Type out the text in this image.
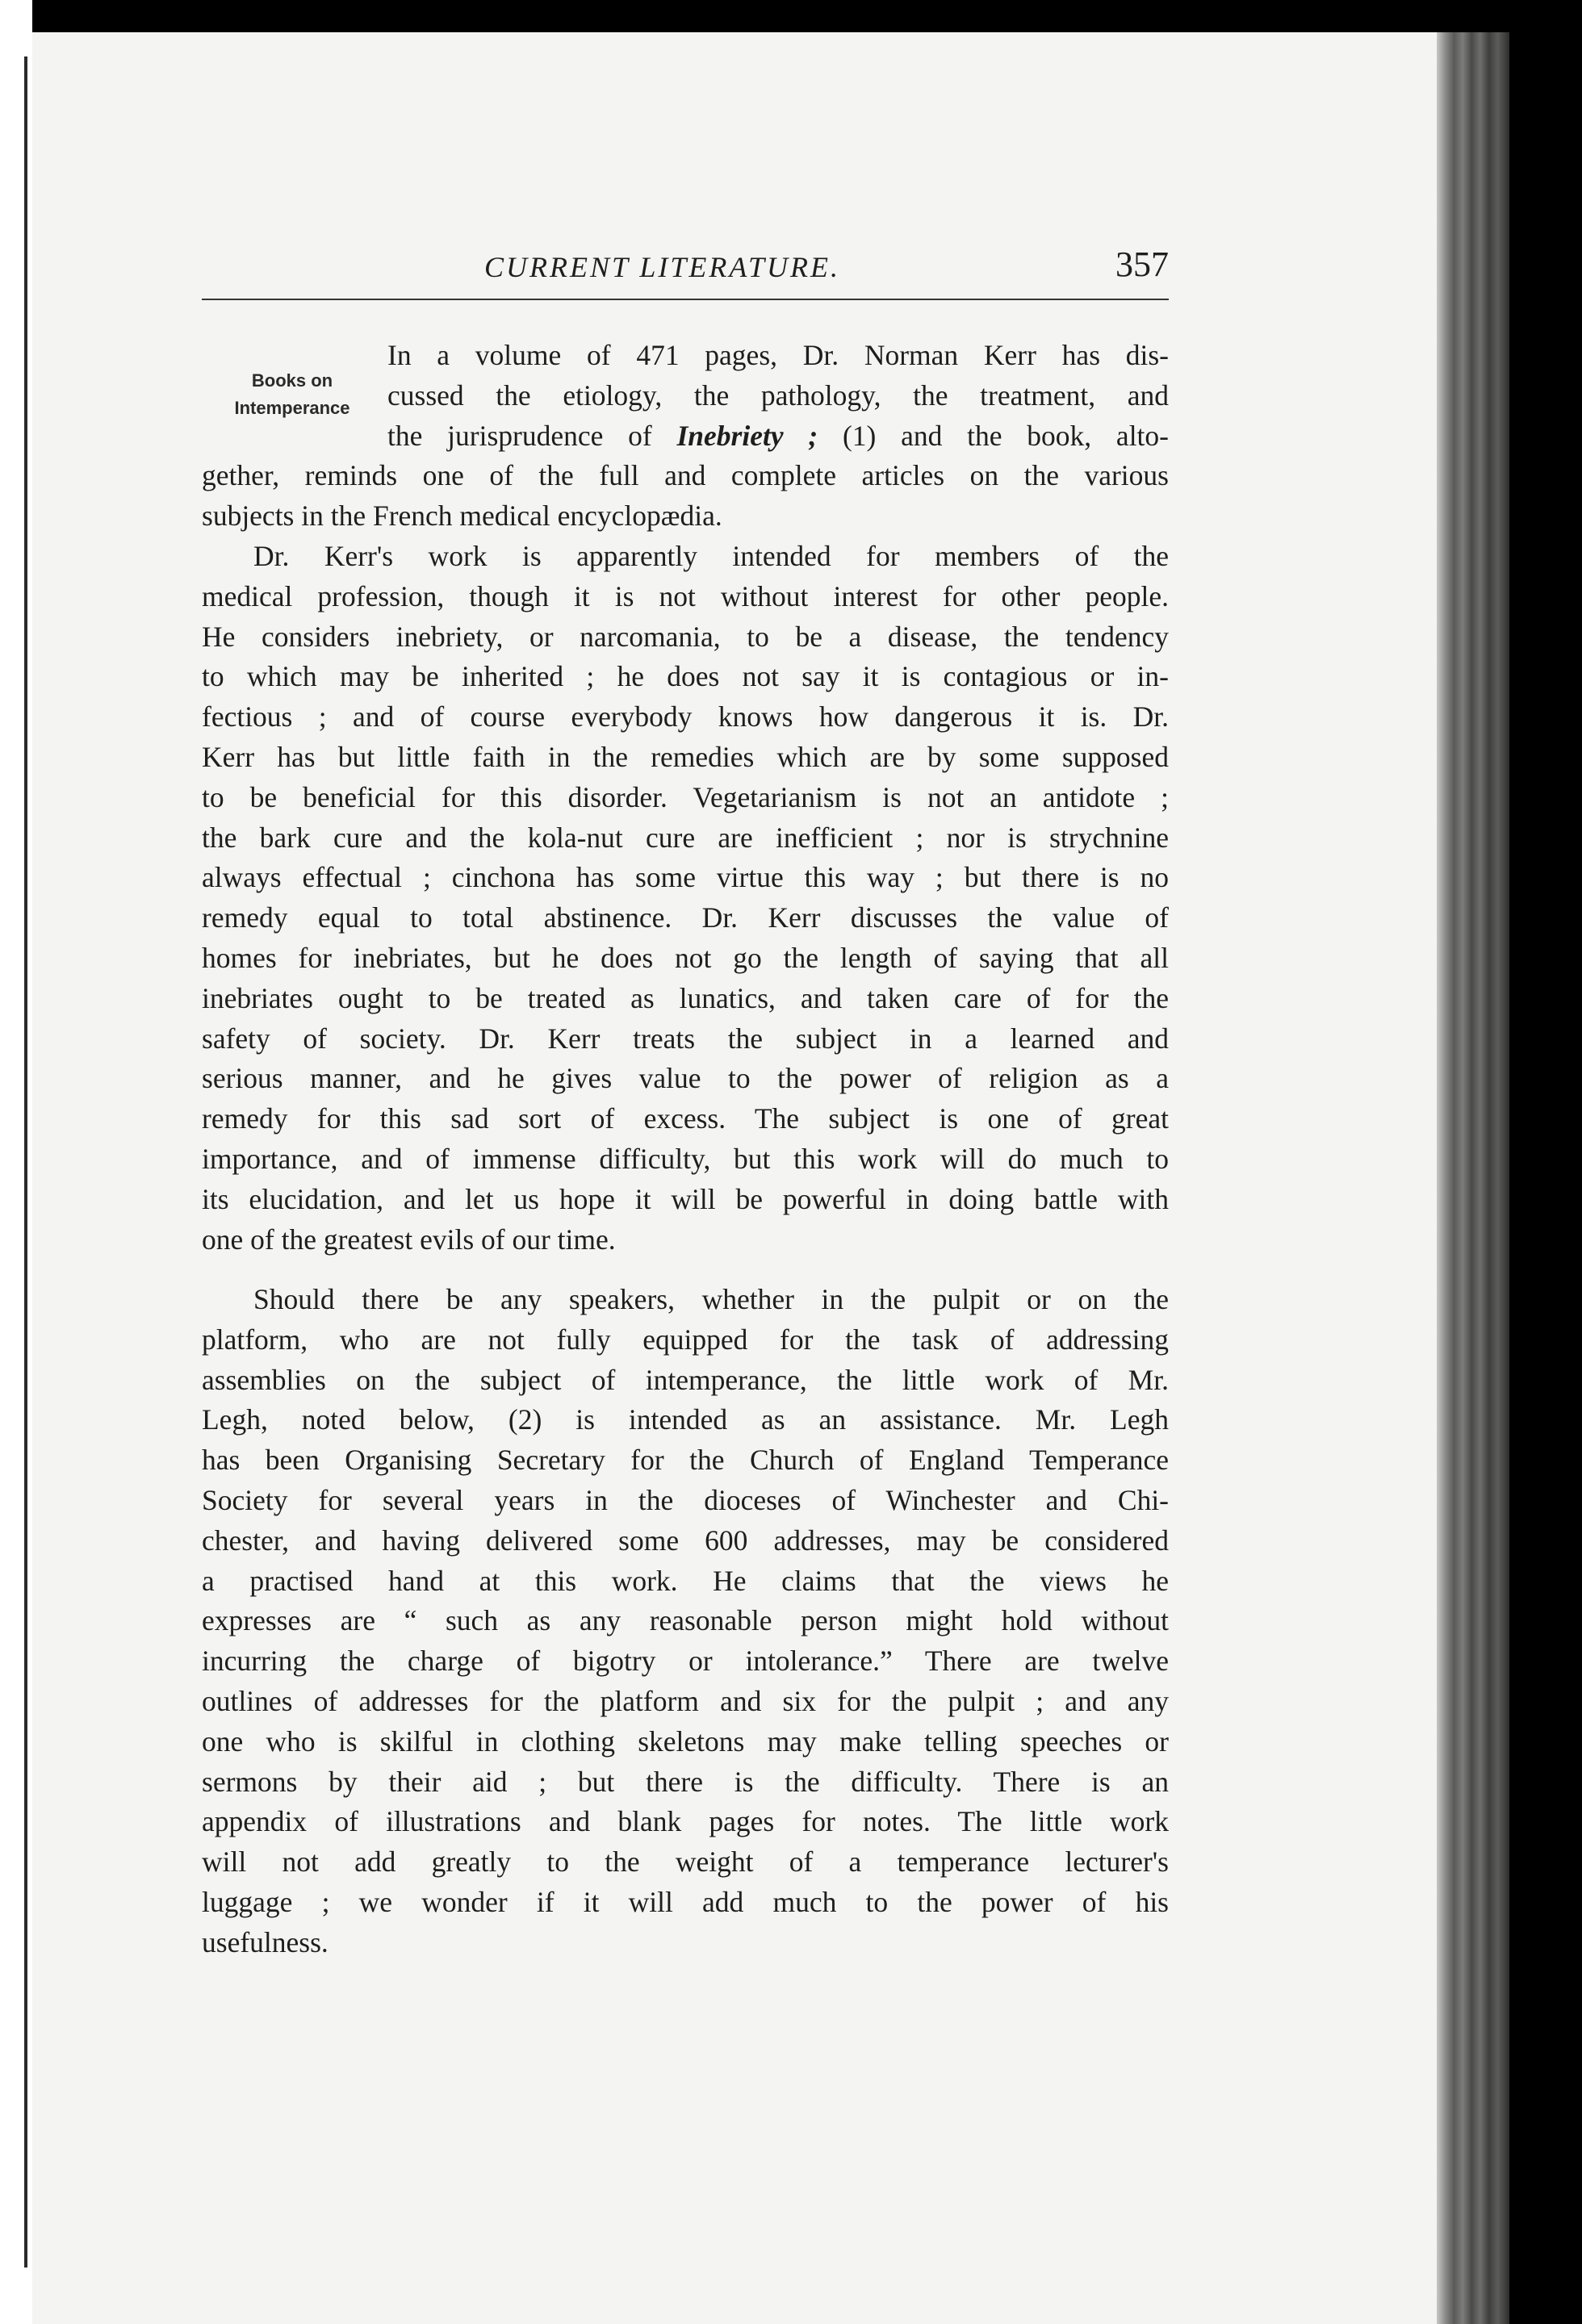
CURRENT LITERATURE.	357
Books on
Intemperance
In a volume of 471 pages, Dr. Norman Kerr has dis-
cussed the etiology, the pathology, the treatment, and
the jurisprudence of Inebriety ; (1) and the book, alto-
gether, reminds one of the full and complete articles on the various
subjects in the French medical encyclopædia.
Dr. Kerr's work is apparently intended for members of the
medical profession, though it is not without interest for other people.
He considers inebriety, or narcomania, to be a disease, the tendency
to which may be inherited ; he does not say it is contagious or in-
fectious ; and of course everybody knows how dangerous it is. Dr.
Kerr has but little faith in the remedies which are by some supposed
to be beneficial for this disorder. Vegetarianism is not an antidote ;
the bark cure and the kola-nut cure are inefficient ; nor is strychnine
always effectual ; cinchona has some virtue this way ; but there is no
remedy equal to total abstinence. Dr. Kerr discusses the value of
homes for inebriates, but he does not go the length of saying that all
inebriates ought to be treated as lunatics, and taken care of for the
safety of society. Dr. Kerr treats the subject in a learned and
serious manner, and he gives value to the power of religion as a
remedy for this sad sort of excess. The subject is one of great
importance, and of immense difficulty, but this work will do much to
its elucidation, and let us hope it will be powerful in doing battle with
one of the greatest evils of our time.
Should there be any speakers, whether in the pulpit or on the
platform, who are not fully equipped for the task of addressing
assemblies on the subject of intemperance, the little work of Mr.
Legh, noted below, (2) is intended as an assistance. Mr. Legh
has been Organising Secretary for the Church of England Temperance
Society for several years in the dioceses of Winchester and Chi-
chester, and having delivered some 600 addresses, may be considered
a practised hand at this work. He claims that the views he
expresses are “ such as any reasonable person might hold without
incurring the charge of bigotry or intolerance.” There are twelve
outlines of addresses for the platform and six for the pulpit ; and any
one who is skilful in clothing skeletons may make telling speeches or
sermons by their aid ; but there is the difficulty. There is an
appendix of illustrations and blank pages for notes. The little work
will not add greatly to the weight of a temperance lecturer's
luggage ; we wonder if it will add much to the power of his
usefulness.
